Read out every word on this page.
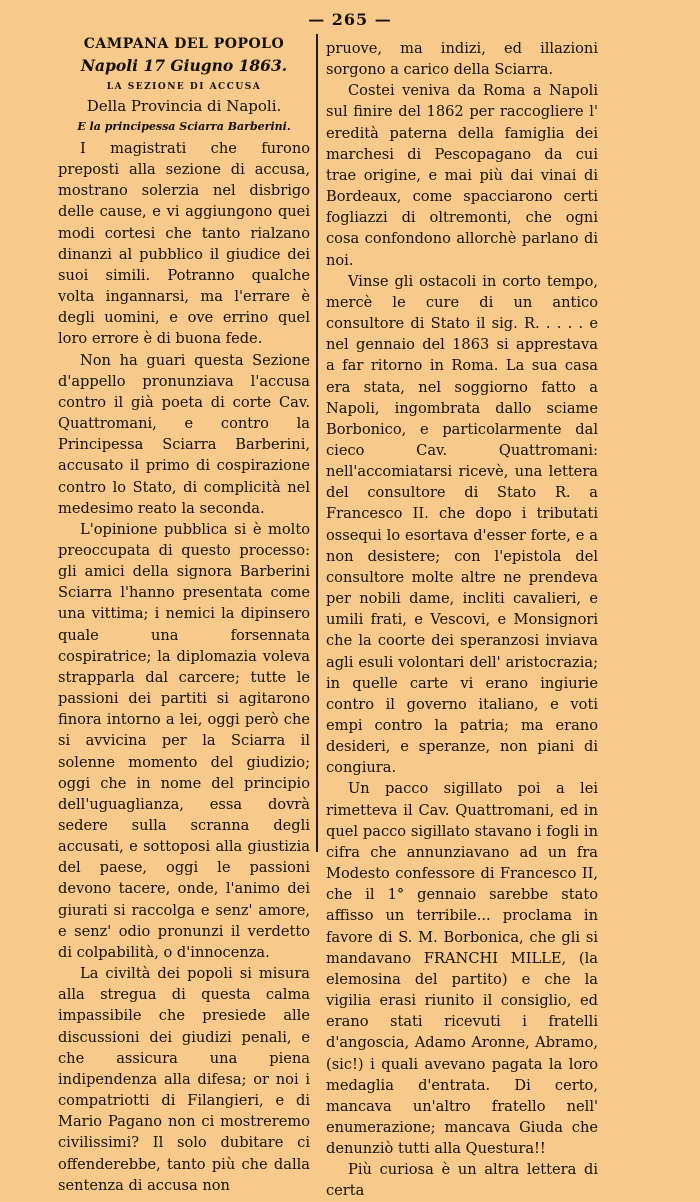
— 265 —

CAMPANA DEL POPOLO

Napoli 17 Giugno 1863.

LA SEZIONE DI ACCUSA

Della Provincia di Napoli.

E la principessa Sciarra Barberini.

I magistrati che furono preposti alla sezione di accusa, mostrano solerzia nel disbrigo delle cause, e vi aggiungono quei modi cortesi che tanto rialzano dinanzi al pubblico il giudice dei suoi simili. Potranno qualche volta ingannarsi, ma l'errare è degli uomini, e ove errino quel loro errore è di buona fede.

Non ha guari questa Sezione d'appello pronunziava l'accusa contro il già poeta di corte Cav. Quattromani, e contro la Principessa Sciarra Barberini, accusato il primo di cospirazione contro lo Stato, di complicità nel medesimo reato la seconda.

L'opinione pubblica si è molto preoccupata di questo processo: gli amici della signora Barberini Sciarra l'hanno presentata come una vittima; i nemici la dipinsero quale una forsennata cospiratrice; la diplomazia voleva strapparla dal carcere; tutte le passioni dei partiti si agitarono finora intorno a lei, oggi però che si avvicina per la Sciarra il solenne momento del giudizio; oggi che in nome del principio dell'uguaglianza, essa dovrà sedere sulla scranna degli accusati, e sottoposi alla giustizia del paese, oggi le passioni devono tacere, onde, l'animo dei giurati si raccolga e senz' amore, e senz' odio pronunzi il verdetto di colpabilità, o d'innocenza.

La civiltà dei popoli si misura alla stregua di questa calma impassibile che presiede alle discussioni dei giudizi penali, e che assicura una piena indipendenza alla difesa; or noi i compatriotti di Filangieri, e di Mario Pagano non ci mostreremo civilissimi? Il solo dubitare ci offenderebbe, tanto più che dalla sentenza di accusa non

pruove, ma indizi, ed illazioni sorgono a carico della Sciarra.

Costei veniva da Roma a Napoli sul finire del 1862 per raccogliere l' eredità paterna della famiglia dei marchesi di Pescopagano da cui trae origine, e mai più dai vinai di Bordeaux, come spacciarono certi fogliazzi di oltremonti, che ogni cosa confondono allorchè parlano di noi.

Vinse gli ostacoli in corto tempo, mercè le cure di un antico consultore di Stato il sig. R. . . . . e nel gennaio del 1863 si apprestava a far ritorno in Roma. La sua casa era stata, nel soggiorno fatto a Napoli, ingombrata dallo sciame Borbonico, e particolarmente dal cieco Cav. Quattromani: nell'accomiatarsi ricevè, una lettera del consultore di Stato R. a Francesco II. che dopo i tributati ossequi lo esortava d'esser forte, e a non desistere; con l'epistola del consultore molte altre ne prendeva per nobili dame, incliti cavalieri, e umili frati, e Vescovi, e Monsignori che la coorte dei speranzosi inviava agli esuli volontari dell' aristocrazia; in quelle carte vi erano ingiurie contro il governo italiano, e voti empi contro la patria; ma erano desideri, e speranze, non piani di congiura.

Un pacco sigillato poi a lei rimetteva il Cav. Quattromani, ed in quel pacco sigillato stavano i fogli in cifra che annunziavano ad un fra Modesto confessore di Francesco II, che il 1° gennaio sarebbe stato affisso un terribile... proclama in favore di S. M. Borbonica, che gli si mandavano FRANCHI MILLE, (la elemosina del partito) e che la vigilia erasi riunito il consiglio, ed erano stati ricevuti i fratelli d'angoscia, Adamo Aronne, Abramo, (sic!) i quali avevano pagata la loro medaglia d'entrata. Di certo, mancava un'altro fratello nell' enumerazione; mancava Giuda che denunziò tutti alla Questura!!

Più curiosa è un altra lettera di certa
